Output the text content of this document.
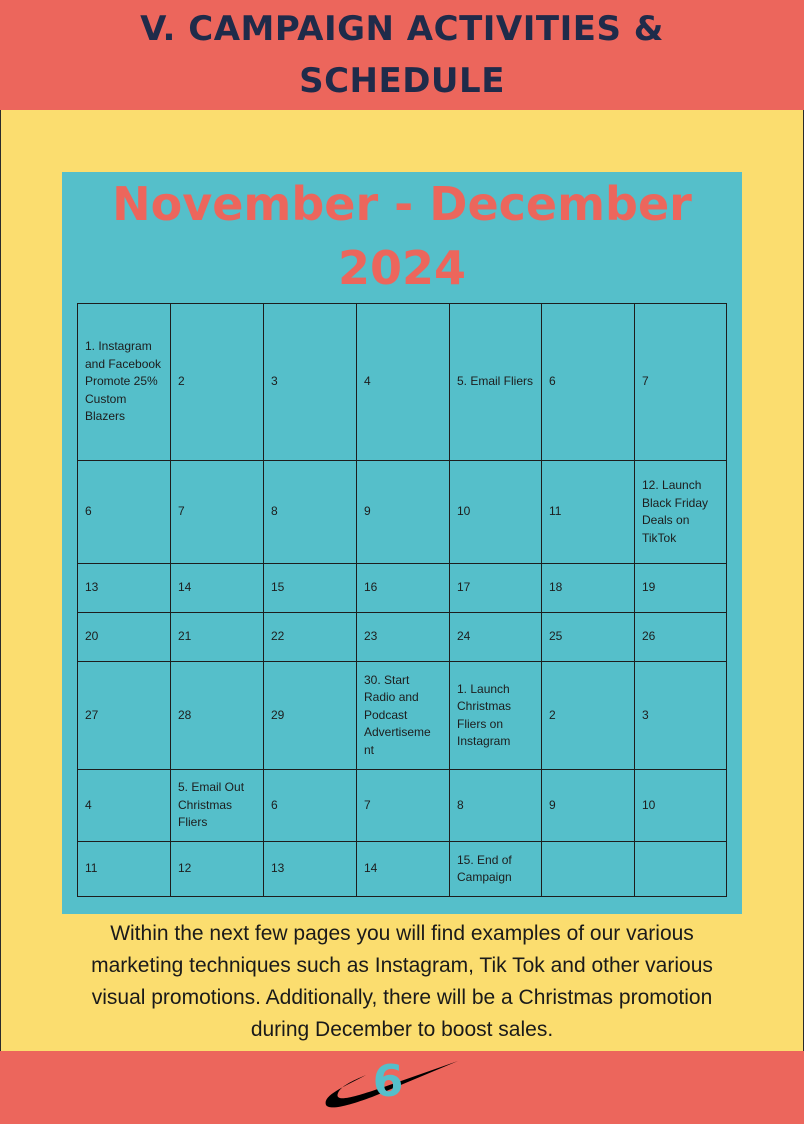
V. CAMPAIGN ACTIVITIES &
SCHEDULE
November - December
2024
1. Instagram and Facebook Promote 25% Custom Blazers	2	3	4	5. Email Fliers	6	7
6	7	8	9	10	11	12. Launch Black Friday Deals on TikTok
13	14	15	16	17	18	19
20	21	22	23	24	25	26
27	28	29	30. Start Radio and Podcast Advertiseme nt	1. Launch Christmas Fliers on Instagram	2	3
4	5. Email Out Christmas Fliers	6	7	8	9	10
11	12	13	14	15. End of Campaign		
Within the next few pages you will find examples of our various
marketing techniques such as Instagram, Tik Tok and other various
visual promotions. Additionally, there will be a Christmas promotion
during December to boost sales.
6
